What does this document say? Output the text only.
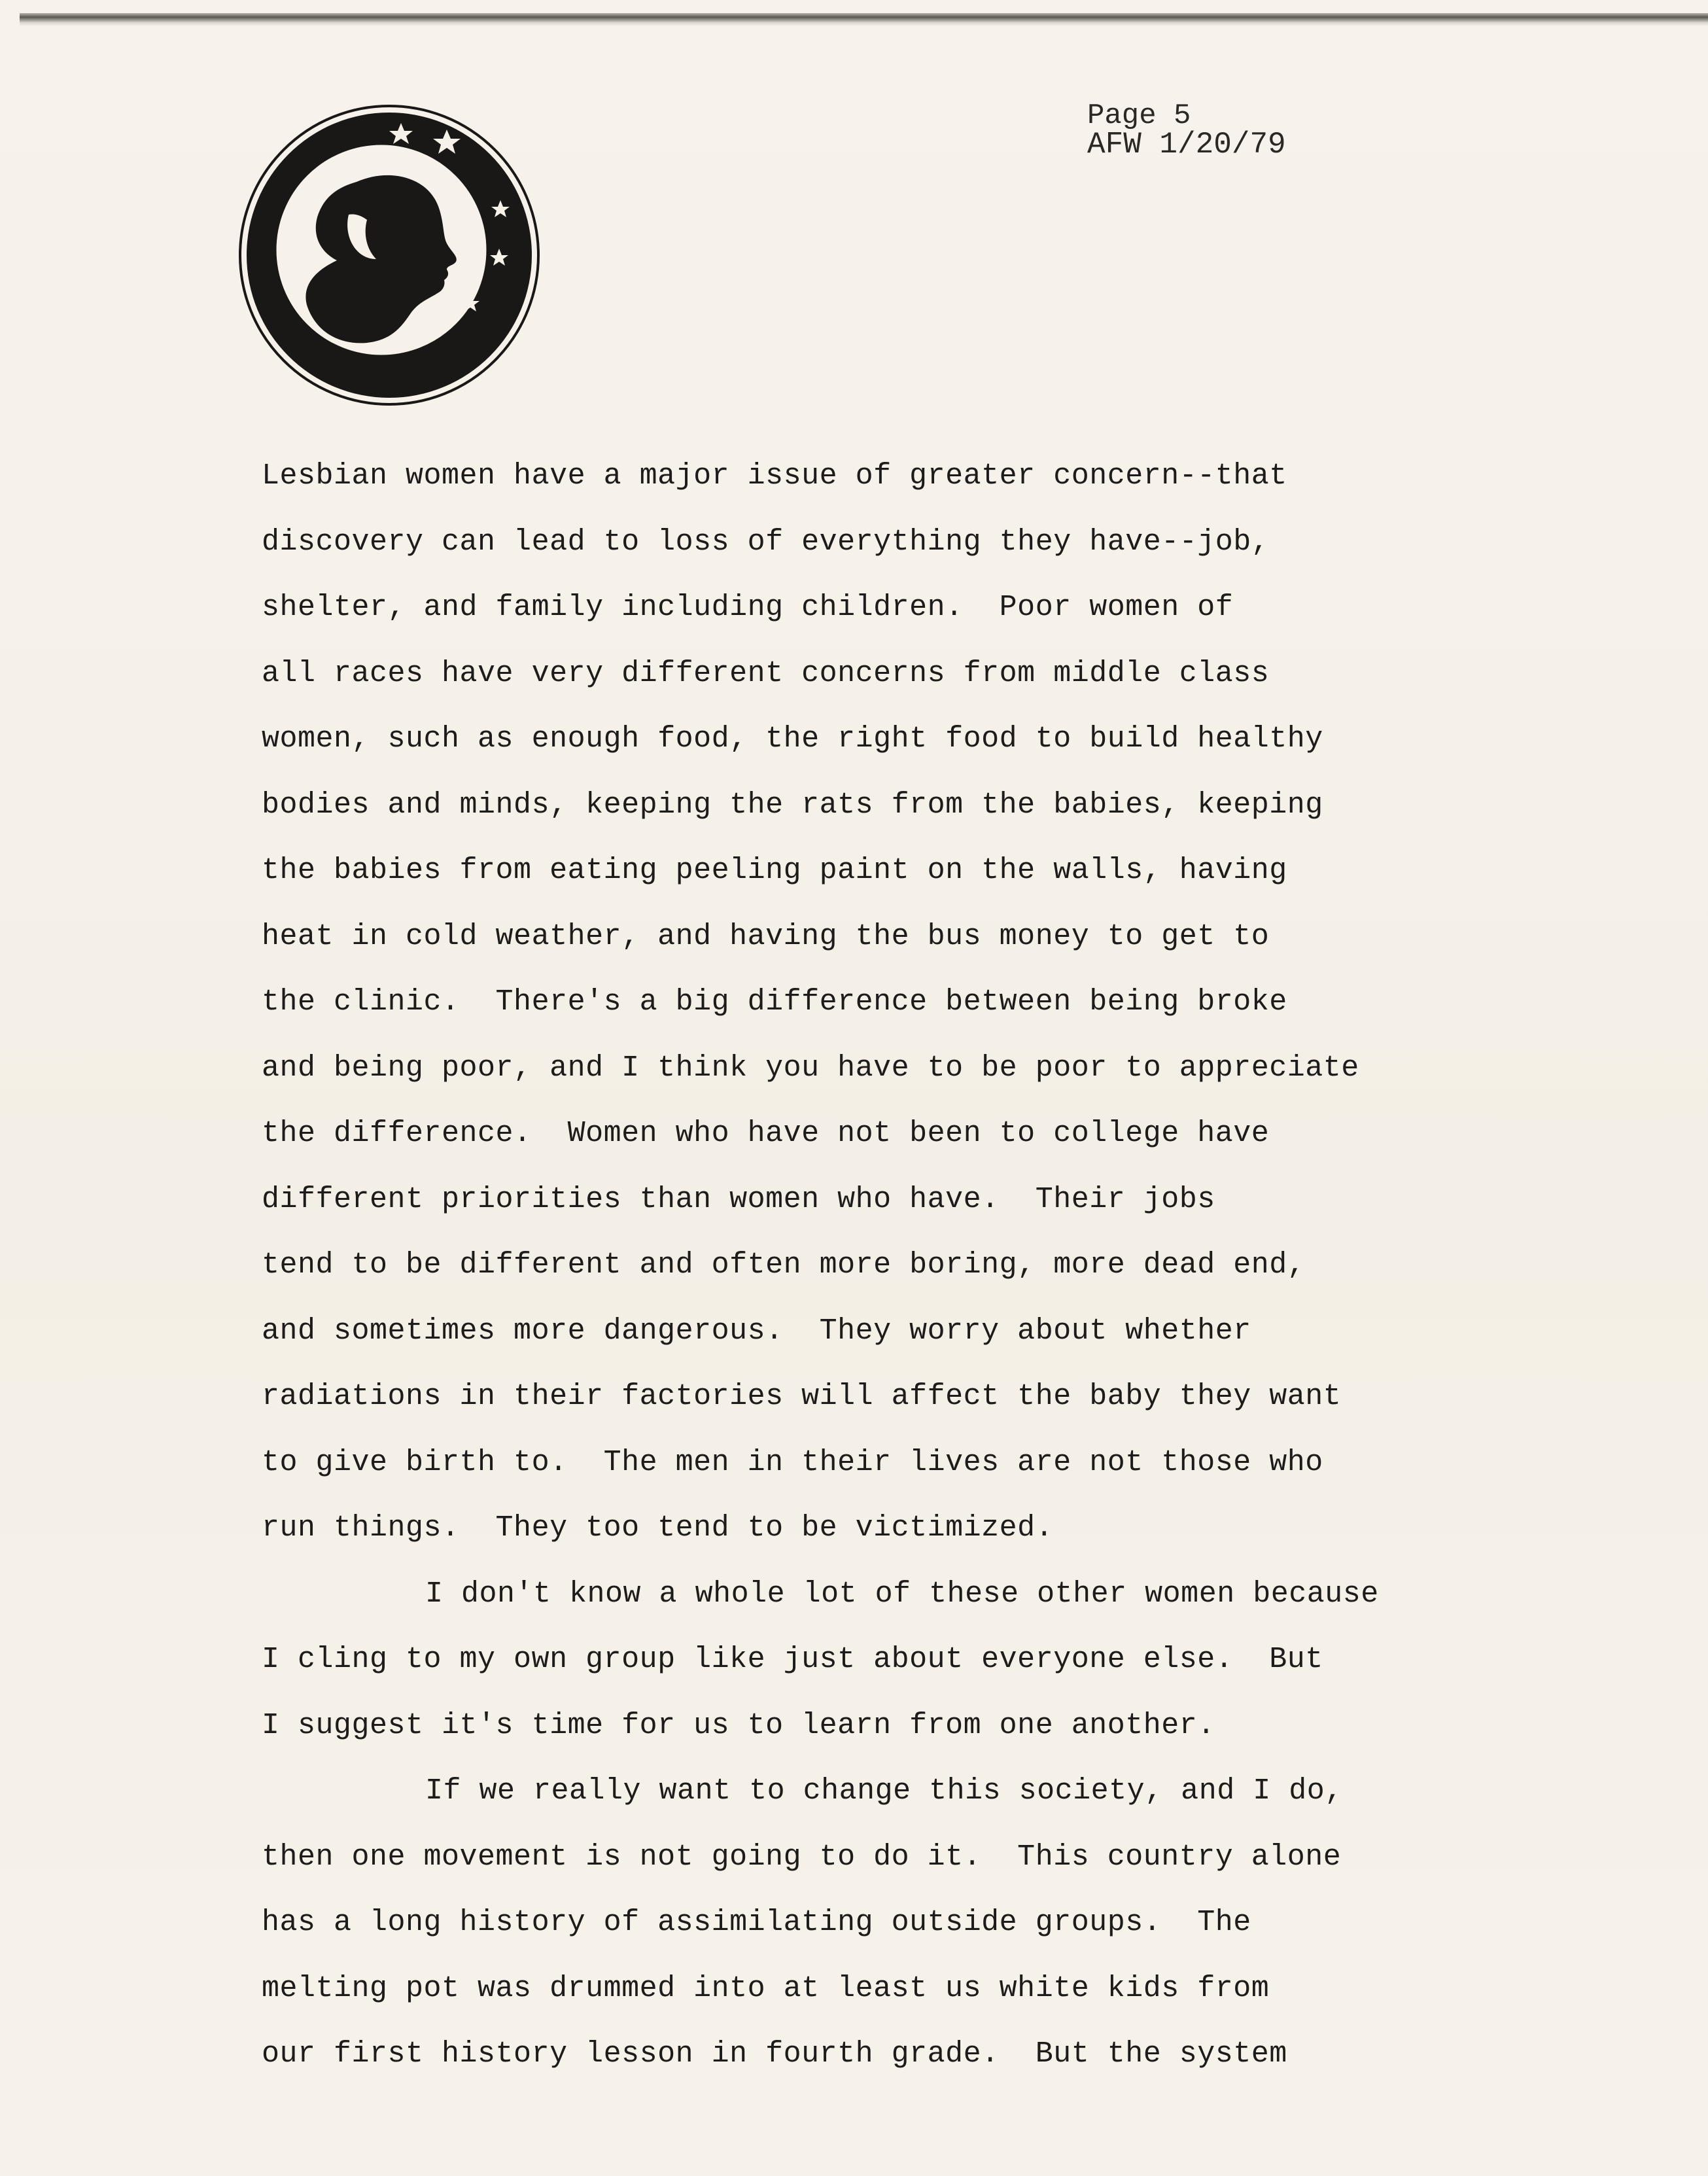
Page 5
AFW 1/20/79
Lesbian women have a major issue of greater concern--that
discovery can lead to loss of everything they have--job,
shelter, and family including children.  Poor women of
all races have very different concerns from middle class
women, such as enough food, the right food to build healthy
bodies and minds, keeping the rats from the babies, keeping
the babies from eating peeling paint on the walls, having
heat in cold weather, and having the bus money to get to
the clinic.  There's a big difference between being broke
and being poor, and I think you have to be poor to appreciate
the difference.  Women who have not been to college have
different priorities than women who have.  Their jobs
tend to be different and often more boring, more dead end,
and sometimes more dangerous.  They worry about whether
radiations in their factories will affect the baby they want
to give birth to.  The men in their lives are not those who
run things.  They too tend to be victimized.
I don't know a whole lot of these other women because
I cling to my own group like just about everyone else.  But
I suggest it's time for us to learn from one another.
If we really want to change this society, and I do,
then one movement is not going to do it.  This country alone
has a long history of assimilating outside groups.  The
melting pot was drummed into at least us white kids from
our first history lesson in fourth grade.  But the system
